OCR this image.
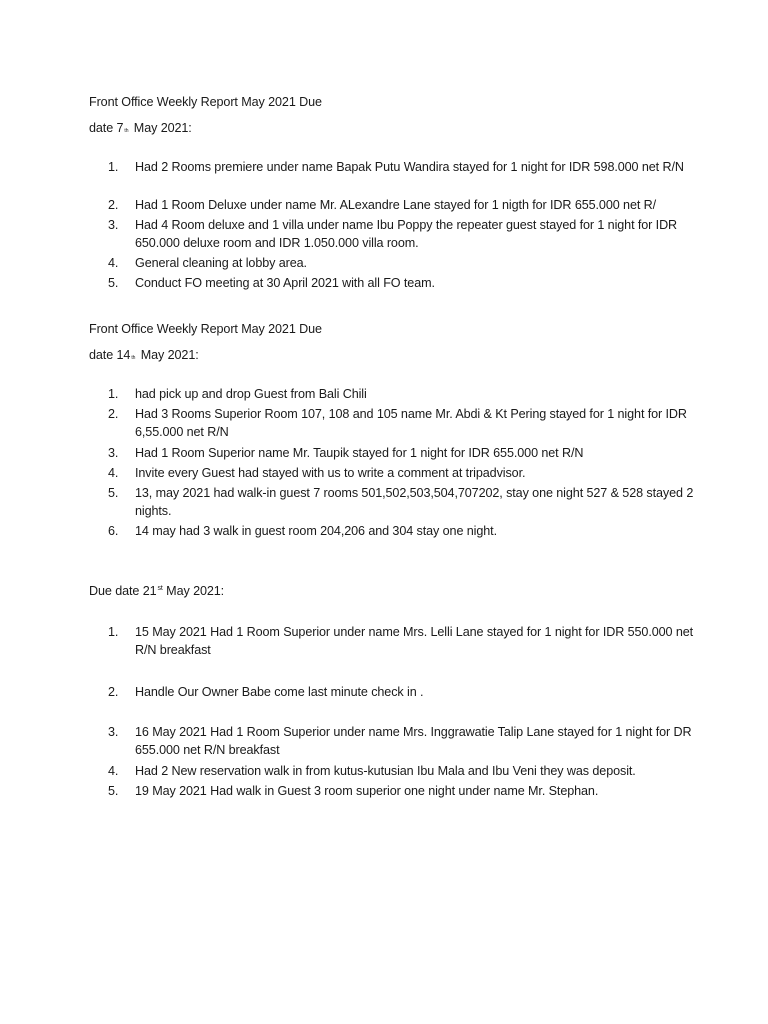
Front Office Weekly Report May 2021 Due
date 7th May 2021:
1.	Had 2 Rooms premiere under name Bapak Putu Wandira stayed for 1 night for IDR 598.000 net R/N
2.	Had 1 Room Deluxe under name Mr. ALexandre Lane stayed for 1 nigth for IDR 655.000 net R/
3.	Had 4 Room deluxe and 1 villa under name Ibu Poppy the repeater guest stayed for 1 night for IDR 650.000 deluxe room and IDR 1.050.000 villa room.
4.	General cleaning at lobby area.
5.	Conduct FO meeting at 30 April 2021 with all FO team.
Front Office Weekly Report May 2021 Due
date 14th May 2021:
1.	had pick up and drop Guest from Bali Chili
2.	Had 3 Rooms Superior Room 107, 108 and 105 name Mr. Abdi & Kt Pering stayed for 1 night for IDR 6,55.000 net R/N
3.	Had 1 Room Superior name Mr. Taupik stayed for 1 night for IDR 655.000 net R/N
4.	Invite every Guest had stayed with us to write a comment at tripadvisor.
5.	13, may 2021 had walk-in guest 7 rooms 501,502,503,504,707202, stay one night 527 & 528 stayed 2 nights.
6.	14 may had 3 walk in guest room 204,206 and 304 stay one night.
Due date 21st May 2021:
1.	15 May 2021 Had 1 Room Superior under name Mrs. Lelli Lane stayed for 1 night for IDR 550.000 net R/N breakfast
2.	Handle Our Owner Babe come last minute check in .
3.	16 May 2021 Had 1 Room Superior under name Mrs. Inggrawatie Talip Lane stayed for 1 night for DR 655.000 net R/N breakfast
4.	Had 2 New reservation walk in from kutus-kutusian Ibu Mala and Ibu Veni they was deposit.
5.	19 May 2021 Had walk in Guest 3 room superior one night under name Mr. Stephan.
